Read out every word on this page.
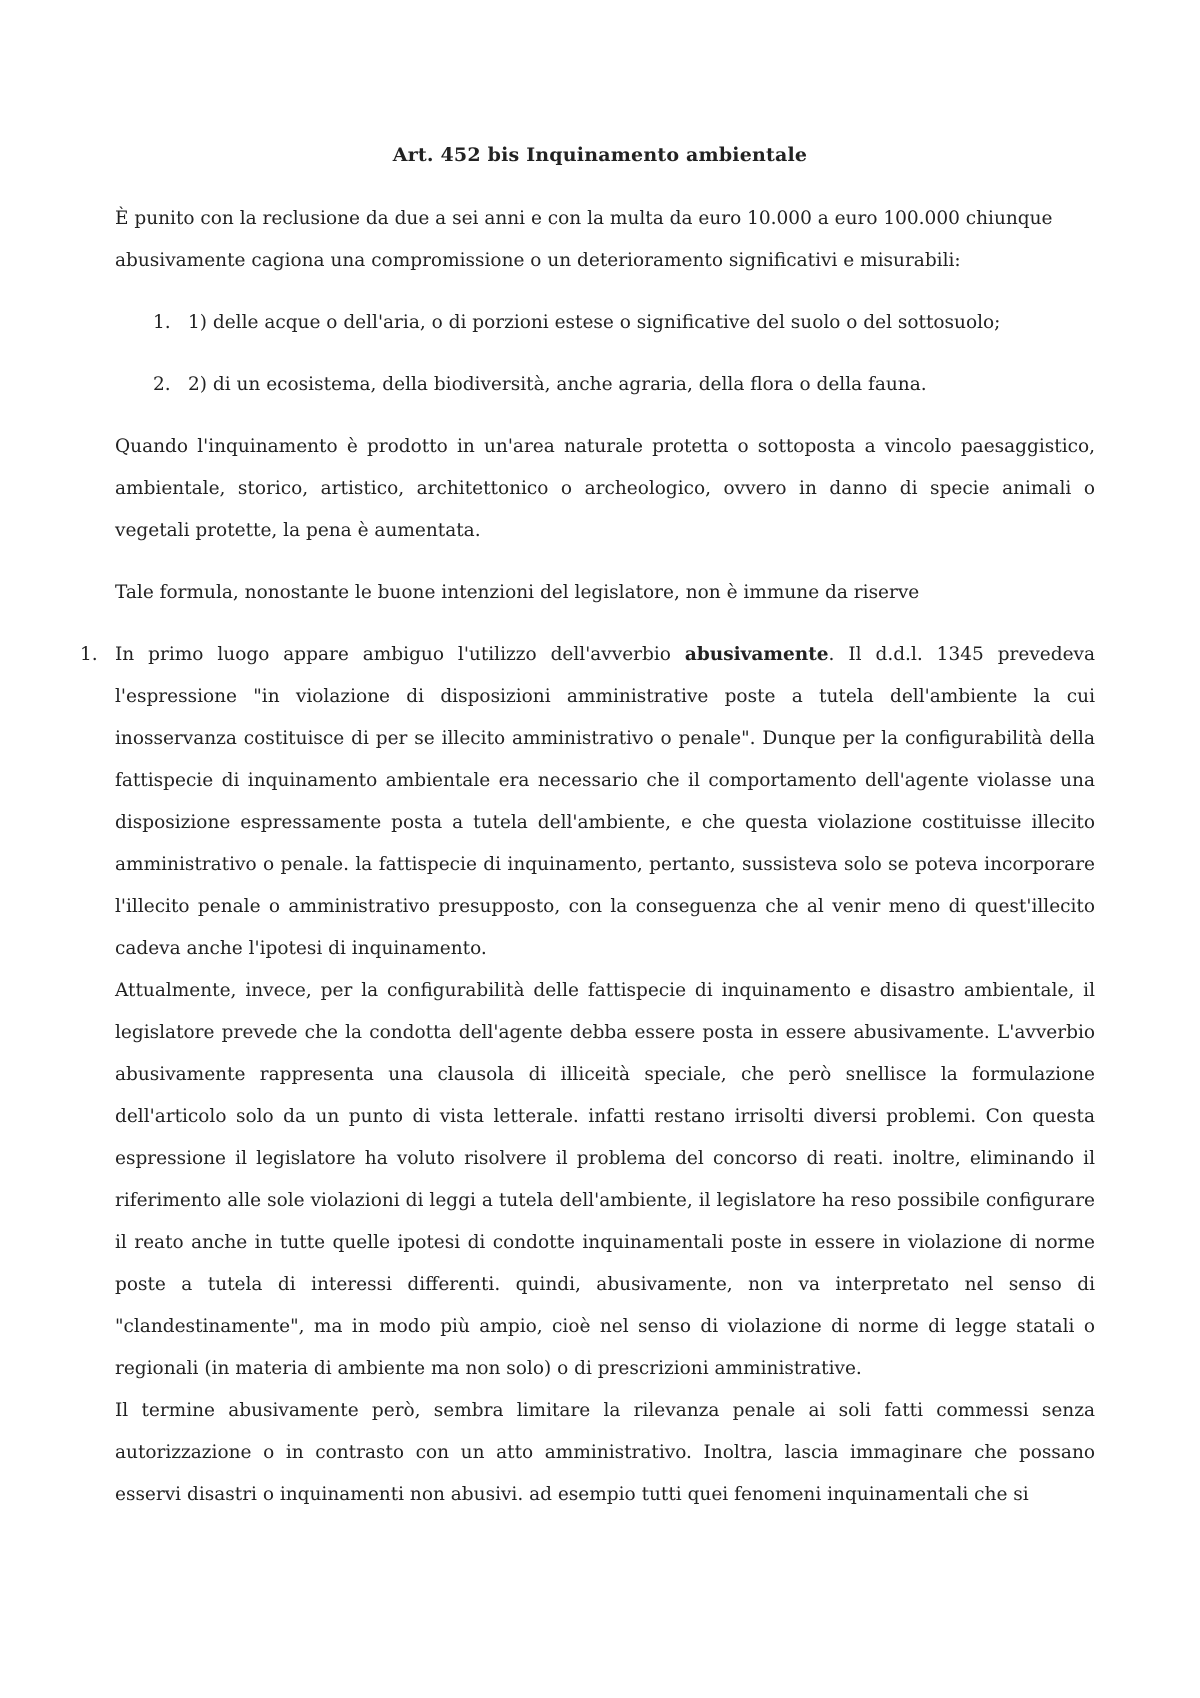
Art. 452 bis Inquinamento ambientale

È punito con la reclusione da due a sei anni e con la multa da euro 10.000 a euro 100.000 chiunque abusivamente cagiona una compromissione o un deterioramento significativi e misurabili:

1. 1) delle acque o dell'aria, o di porzioni estese o significative del suolo o del sottosuolo;
2. 2) di un ecosistema, della biodiversità, anche agraria, della flora o della fauna.

Quando l'inquinamento è prodotto in un'area naturale protetta o sottoposta a vincolo paesaggistico, ambientale, storico, artistico, architettonico o archeologico, ovvero in danno di specie animali o vegetali protette, la pena è aumentata.

Tale formula, nonostante le buone intenzioni del legislatore, non è immune da riserve

1. In primo luogo appare ambiguo l'utilizzo dell'avverbio abusivamente. Il d.d.l. 1345 prevedeva l'espressione "in violazione di disposizioni amministrative poste a tutela dell'ambiente la cui inosservanza costituisce di per se illecito amministrativo o penale". Dunque per la configurabilità della fattispecie di inquinamento ambientale era necessario che il comportamento dell'agente violasse una disposizione espressamente posta a tutela dell'ambiente, e che questa violazione costituisse illecito amministrativo o penale. la fattispecie di inquinamento, pertanto, sussisteva solo se poteva incorporare l'illecito penale o amministrativo presupposto, con la conseguenza che al venir meno di quest'illecito cadeva anche l'ipotesi di inquinamento.

Attualmente, invece, per la configurabilità delle fattispecie di inquinamento e disastro ambientale, il legislatore prevede che la condotta dell'agente debba essere posta in essere abusivamente. L'avverbio abusivamente rappresenta una clausola di illiceità speciale, che però snellisce la formulazione dell'articolo solo da un punto di vista letterale. infatti restano irrisolti diversi problemi. Con questa espressione il legislatore ha voluto risolvere il problema del concorso di reati. inoltre, eliminando il riferimento alle sole violazioni di leggi a tutela dell'ambiente, il legislatore ha reso possibile configurare il reato anche in tutte quelle ipotesi di condotte inquinamentali poste in essere in violazione di norme poste a tutela di interessi differenti. quindi, abusivamente, non va interpretato nel senso di "clandestinamente", ma in modo più ampio, cioè nel senso di violazione di norme di legge statali o regionali (in materia di ambiente ma non solo) o di prescrizioni amministrative.

Il termine abusivamente però, sembra limitare la rilevanza penale ai soli fatti commessi senza autorizzazione o in contrasto con un atto amministrativo. Inoltra, lascia immaginare che possano esservi disastri o inquinamenti non abusivi. ad esempio tutti quei fenomeni inquinamentali che si
